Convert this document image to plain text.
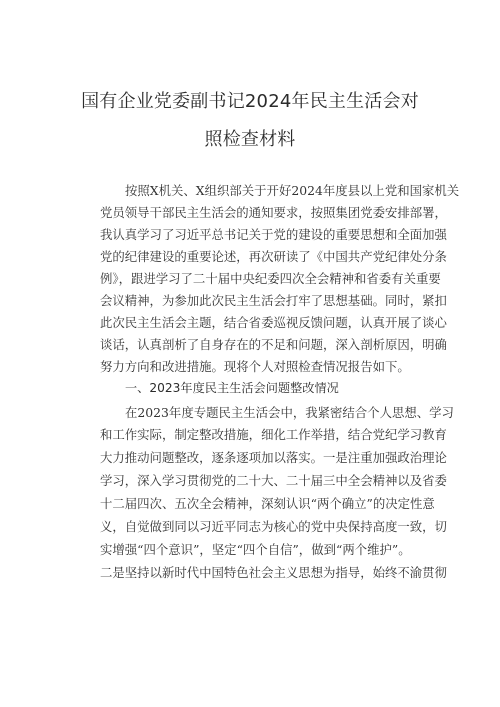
国有企业党委副书记2024年民主生活会对
照检查材料
按照X机关、X组织部关于开好2024年度县以上党和国家机关
党员领导干部民主生活会的通知要求，按照集团党委安排部署，
我认真学习了习近平总书记关于党的建设的重要思想和全面加强
党的纪律建设的重要论述，再次研读了《中国共产党纪律处分条
例》，跟进学习了二十届中央纪委四次全会精神和省委有关重要
会议精神，为参加此次民主生活会打牢了思想基础。同时，紧扣
此次民主生活会主题，结合省委巡视反馈问题，认真开展了谈心
谈话，认真剖析了自身存在的不足和问题，深入剖析原因，明确
努力方向和改进措施。现将个人对照检查情况报告如下。
一、2023年度民主生活会问题整改情况
在2023年度专题民主生活会中，我紧密结合个人思想、学习
和工作实际，制定整改措施，细化工作举措，结合党纪学习教育
大力推动问题整改，逐条逐项加以落实。一是注重加强政治理论
学习，深入学习贯彻党的二十大、二十届三中全会精神以及省委
十二届四次、五次全会精神，深刻认识“两个确立”的决定性意
义，自觉做到同以习近平同志为核心的党中央保持高度一致，切
实增强“四个意识”，坚定“四个自信”，做到“两个维护”。
二是坚持以新时代中国特色社会主义思想为指导，始终不渝贯彻
